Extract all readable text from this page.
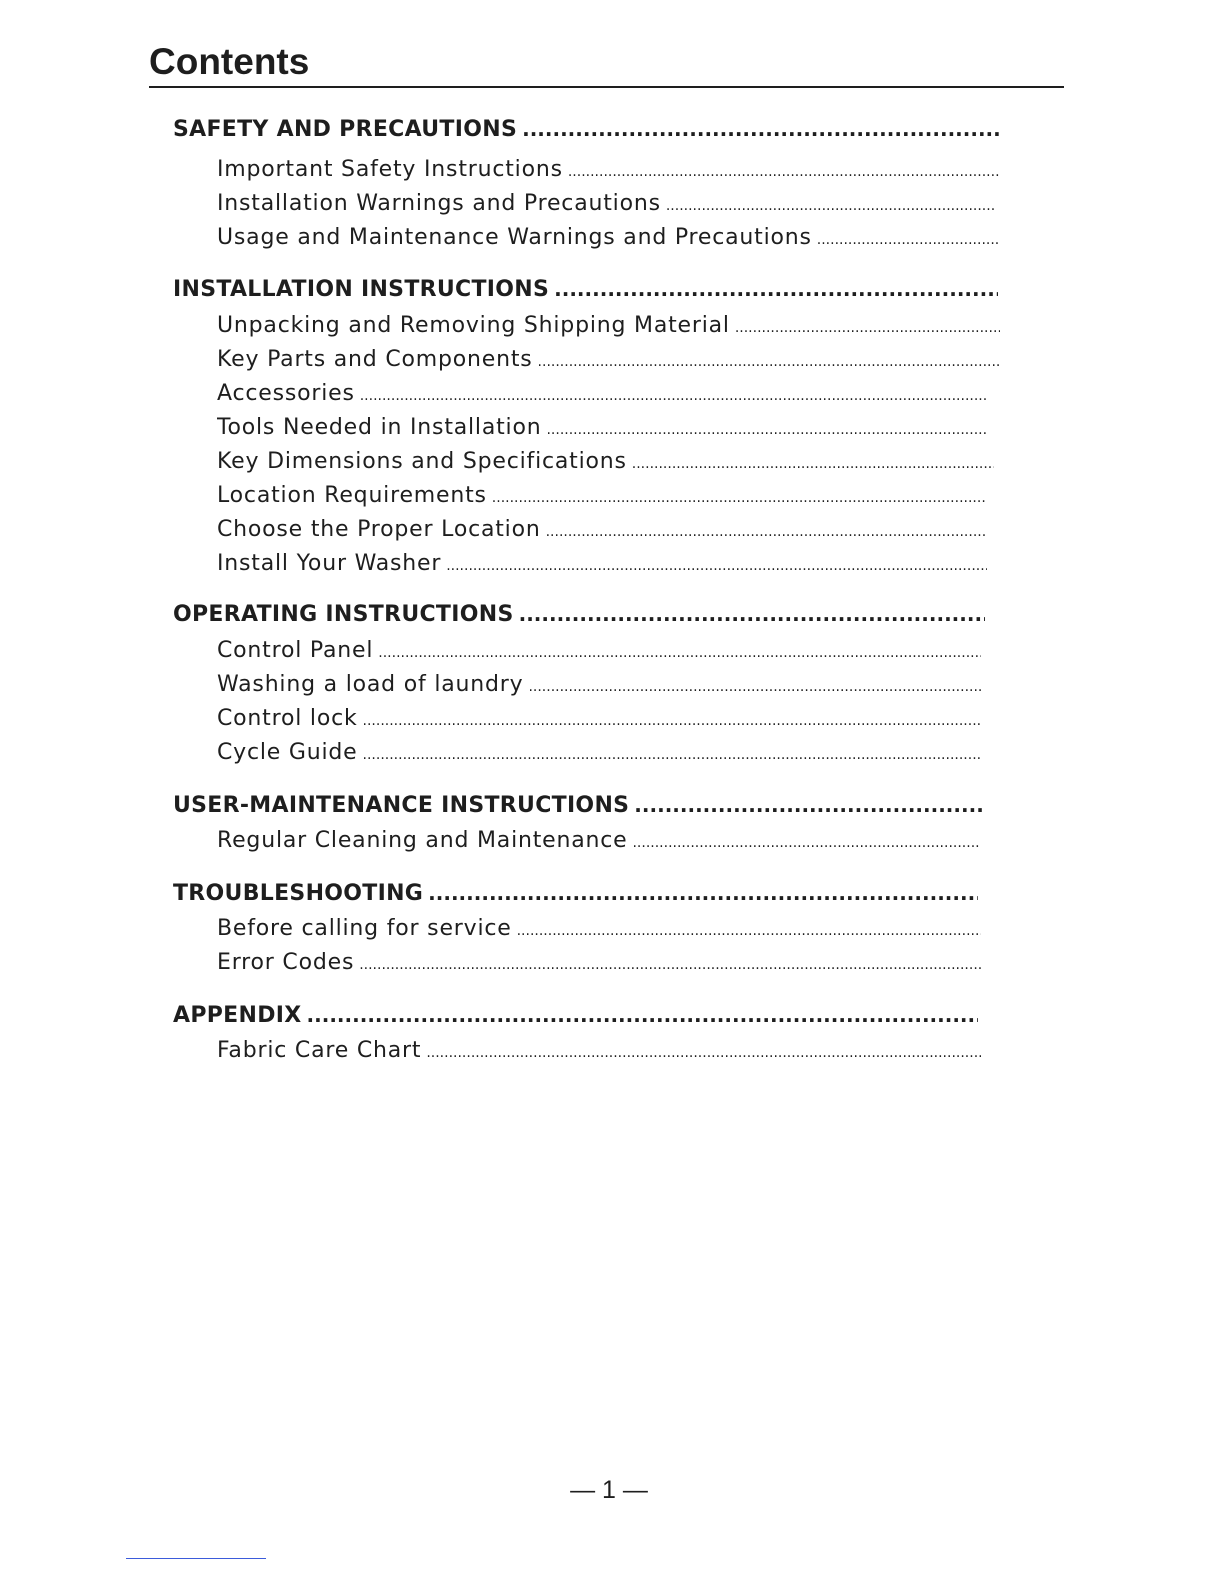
Contents
SAFETY AND PRECAUTIONS
.....
Important Safety Instructions
.....
Installation Warnings and Precautions
.....
Usage and Maintenance Warnings and Precautions
.....
INSTALLATION INSTRUCTIONS
.....
Unpacking and Removing Shipping Material
.....
Key Parts and Components
.....
Accessories
.....
Tools Needed in Installation
.....
Key Dimensions and Specifications
.....
Location Requirements
.....
Choose the Proper Location
.....
Install Your Washer
.....
OPERATING INSTRUCTIONS
.....
Control Panel
.....
Washing a load of laundry
.....
Control lock
.....
Cycle Guide
.....
USER-MAINTENANCE INSTRUCTIONS
.....
Regular Cleaning and Maintenance
.....
TROUBLESHOOTING
.....
Before calling for service
.....
Error Codes
.....
APPENDIX
.....
Fabric Care Chart
.....
— 1 —
